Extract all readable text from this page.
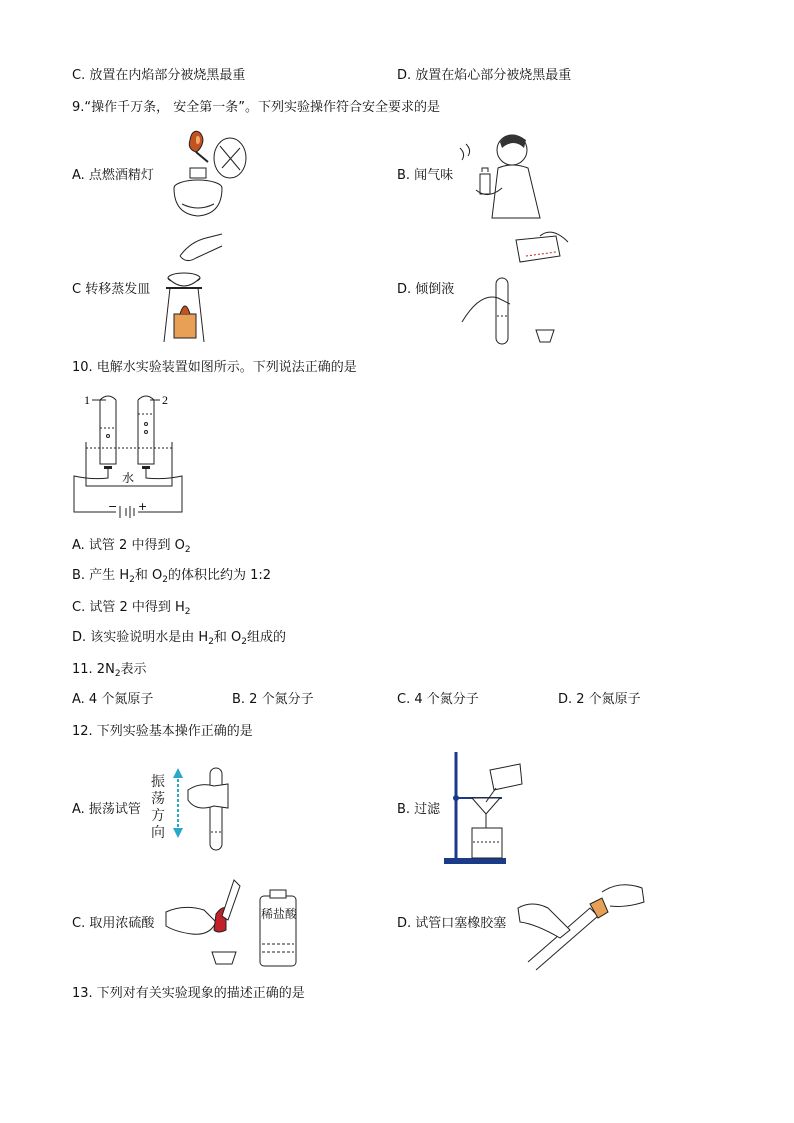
C. 放置在内焰部分被烧黑最重	D. 放置在焰心部分被烧黑最重
9.“操作千万条， 安全第一条”。下列实验操作符合安全要求的是
A. 点燃酒精灯	B. 闻气味
C 转移蒸发皿	D. 倾倒液
10. 电解水实验装置如图所示。下列说法正确的是
1	2
水
− +
A. 试管 2 中得到 $O_2$
B. 产生 $H_2$和 $O_2$的体积比约为 1:2
C. 试管 2 中得到 $H_2$
D. 该实验说明水是由 $H_2$和 $O_2$组成的
11. $2N_2$表示
A. 4 个氮原子	B. 2 个氮分子	C. 4 个氮分子	D. 2 个氮原子
12. 下列实验基本操作正确的是
A. 振荡试管
振
荡
方
向
B. 过滤
C. 取用浓硫酸
稀盐酸
D. 试管口塞橡胶塞
13. 下列对有关实验现象的描述正确的是
